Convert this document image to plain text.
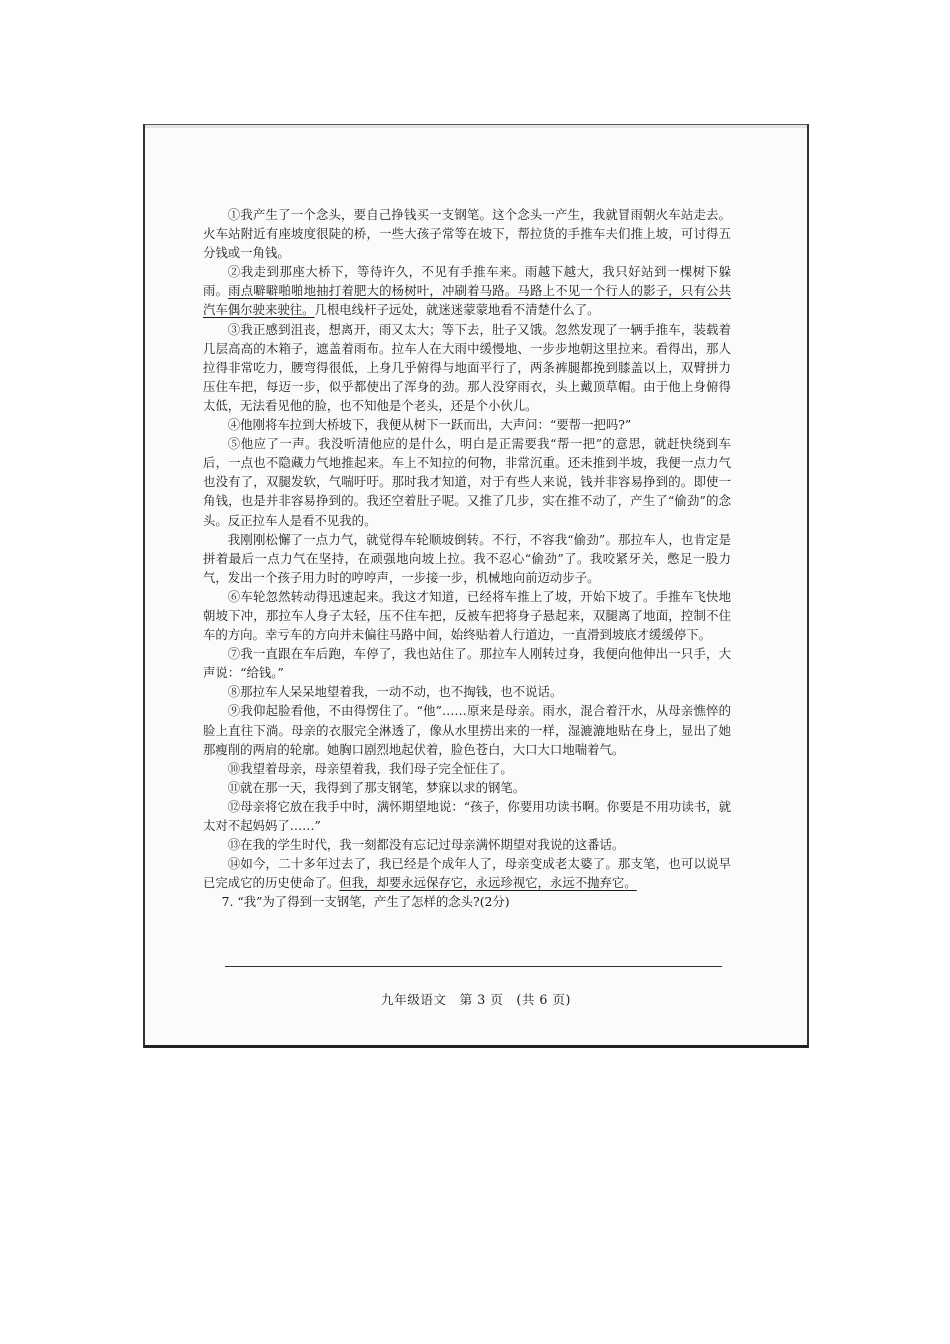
①我产生了一个念头，要自己挣钱买一支钢笔。这个念头一产生，我就冒雨朝火车站走去。火车站附近有座坡度很陡的桥，一些大孩子常等在坡下，帮拉货的手推车夫们推上坡，可讨得五分钱或一角钱。

②我走到那座大桥下，等待许久，不见有手推车来。雨越下越大，我只好站到一棵树下躲雨。雨点噼噼啪啪地抽打着肥大的杨树叶，冲刷着马路。马路上不见一个行人的影子，只有公共汽车偶尔驶来驶往。几根电线杆子远处，就迷迷蒙蒙地看不清楚什么了。

③我正感到沮丧，想离开，雨又太大；等下去，肚子又饿。忽然发现了一辆手推车，装载着几层高高的木箱子，遮盖着雨布。拉车人在大雨中缓慢地、一步步地朝这里拉来。看得出，那人拉得非常吃力，腰弯得很低，上身几乎俯得与地面平行了，两条裤腿都挽到膝盖以上，双臂拼力压住车把，每迈一步，似乎都使出了浑身的劲。那人没穿雨衣，头上戴顶草帽。由于他上身俯得太低，无法看见他的脸，也不知他是个老头，还是个小伙儿。

④他刚将车拉到大桥坡下，我便从树下一跃而出，大声问：“要帮一把吗?”

⑤他应了一声。我没听清他应的是什么，明白是正需要我“帮一把”的意思，就赶快绕到车后，一点也不隐藏力气地推起来。车上不知拉的何物，非常沉重。还未推到半坡，我便一点力气也没有了，双腿发软，气喘吁吁。那时我才知道，对于有些人来说，钱并非容易挣到的。即使一角钱，也是并非容易挣到的。我还空着肚子呢。又推了几步，实在推不动了，产生了“偷劲”的念头。反正拉车人是看不见我的。

我刚刚松懈了一点力气，就觉得车轮顺坡倒转。不行，不容我“偷劲”。那拉车人，也肯定是拼着最后一点力气在坚持，在顽强地向坡上拉。我不忍心“偷劲”了。我咬紧牙关，憋足一股力气，发出一个孩子用力时的哼哼声，一步接一步，机械地向前迈动步子。

⑥车轮忽然转动得迅速起来。我这才知道，已经将车推上了坡，开始下坡了。手推车飞快地朝坡下冲，那拉车人身子太轻，压不住车把，反被车把将身子悬起来，双腿离了地面，控制不住车的方向。幸亏车的方向并未偏往马路中间，始终贴着人行道边，一直滑到坡底才缓缓停下。

⑦我一直跟在车后跑，车停了，我也站住了。那拉车人刚转过身，我便向他伸出一只手，大声说：“给钱。”

⑧那拉车人呆呆地望着我，一动不动，也不掏钱，也不说话。

⑨我仰起脸看他，不由得愣住了。“他”……原来是母亲。雨水，混合着汗水，从母亲憔悴的脸上直往下淌。母亲的衣服完全淋透了，像从水里捞出来的一样，湿漉漉地贴在身上，显出了她那瘦削的两肩的轮廓。她胸口剧烈地起伏着，脸色苍白，大口大口地喘着气。

⑩我望着母亲，母亲望着我，我们母子完全怔住了。

⑪就在那一天，我得到了那支钢笔，梦寐以求的钢笔。

⑫母亲将它放在我手中时，满怀期望地说：“孩子，你要用功读书啊。你要是不用功读书，就太对不起妈妈了……”

⑬在我的学生时代，我一刻都没有忘记过母亲满怀期望对我说的这番话。

⑭如今，二十多年过去了，我已经是个成年人了，母亲变成老太婆了。那支笔，也可以说早已完成它的历史使命了。但我，却要永远保存它，永远珍视它，永远不抛弃它。

7. “我”为了得到一支钢笔，产生了怎样的念头?(2分)

九年级语文　第 3 页　(共 6 页)
